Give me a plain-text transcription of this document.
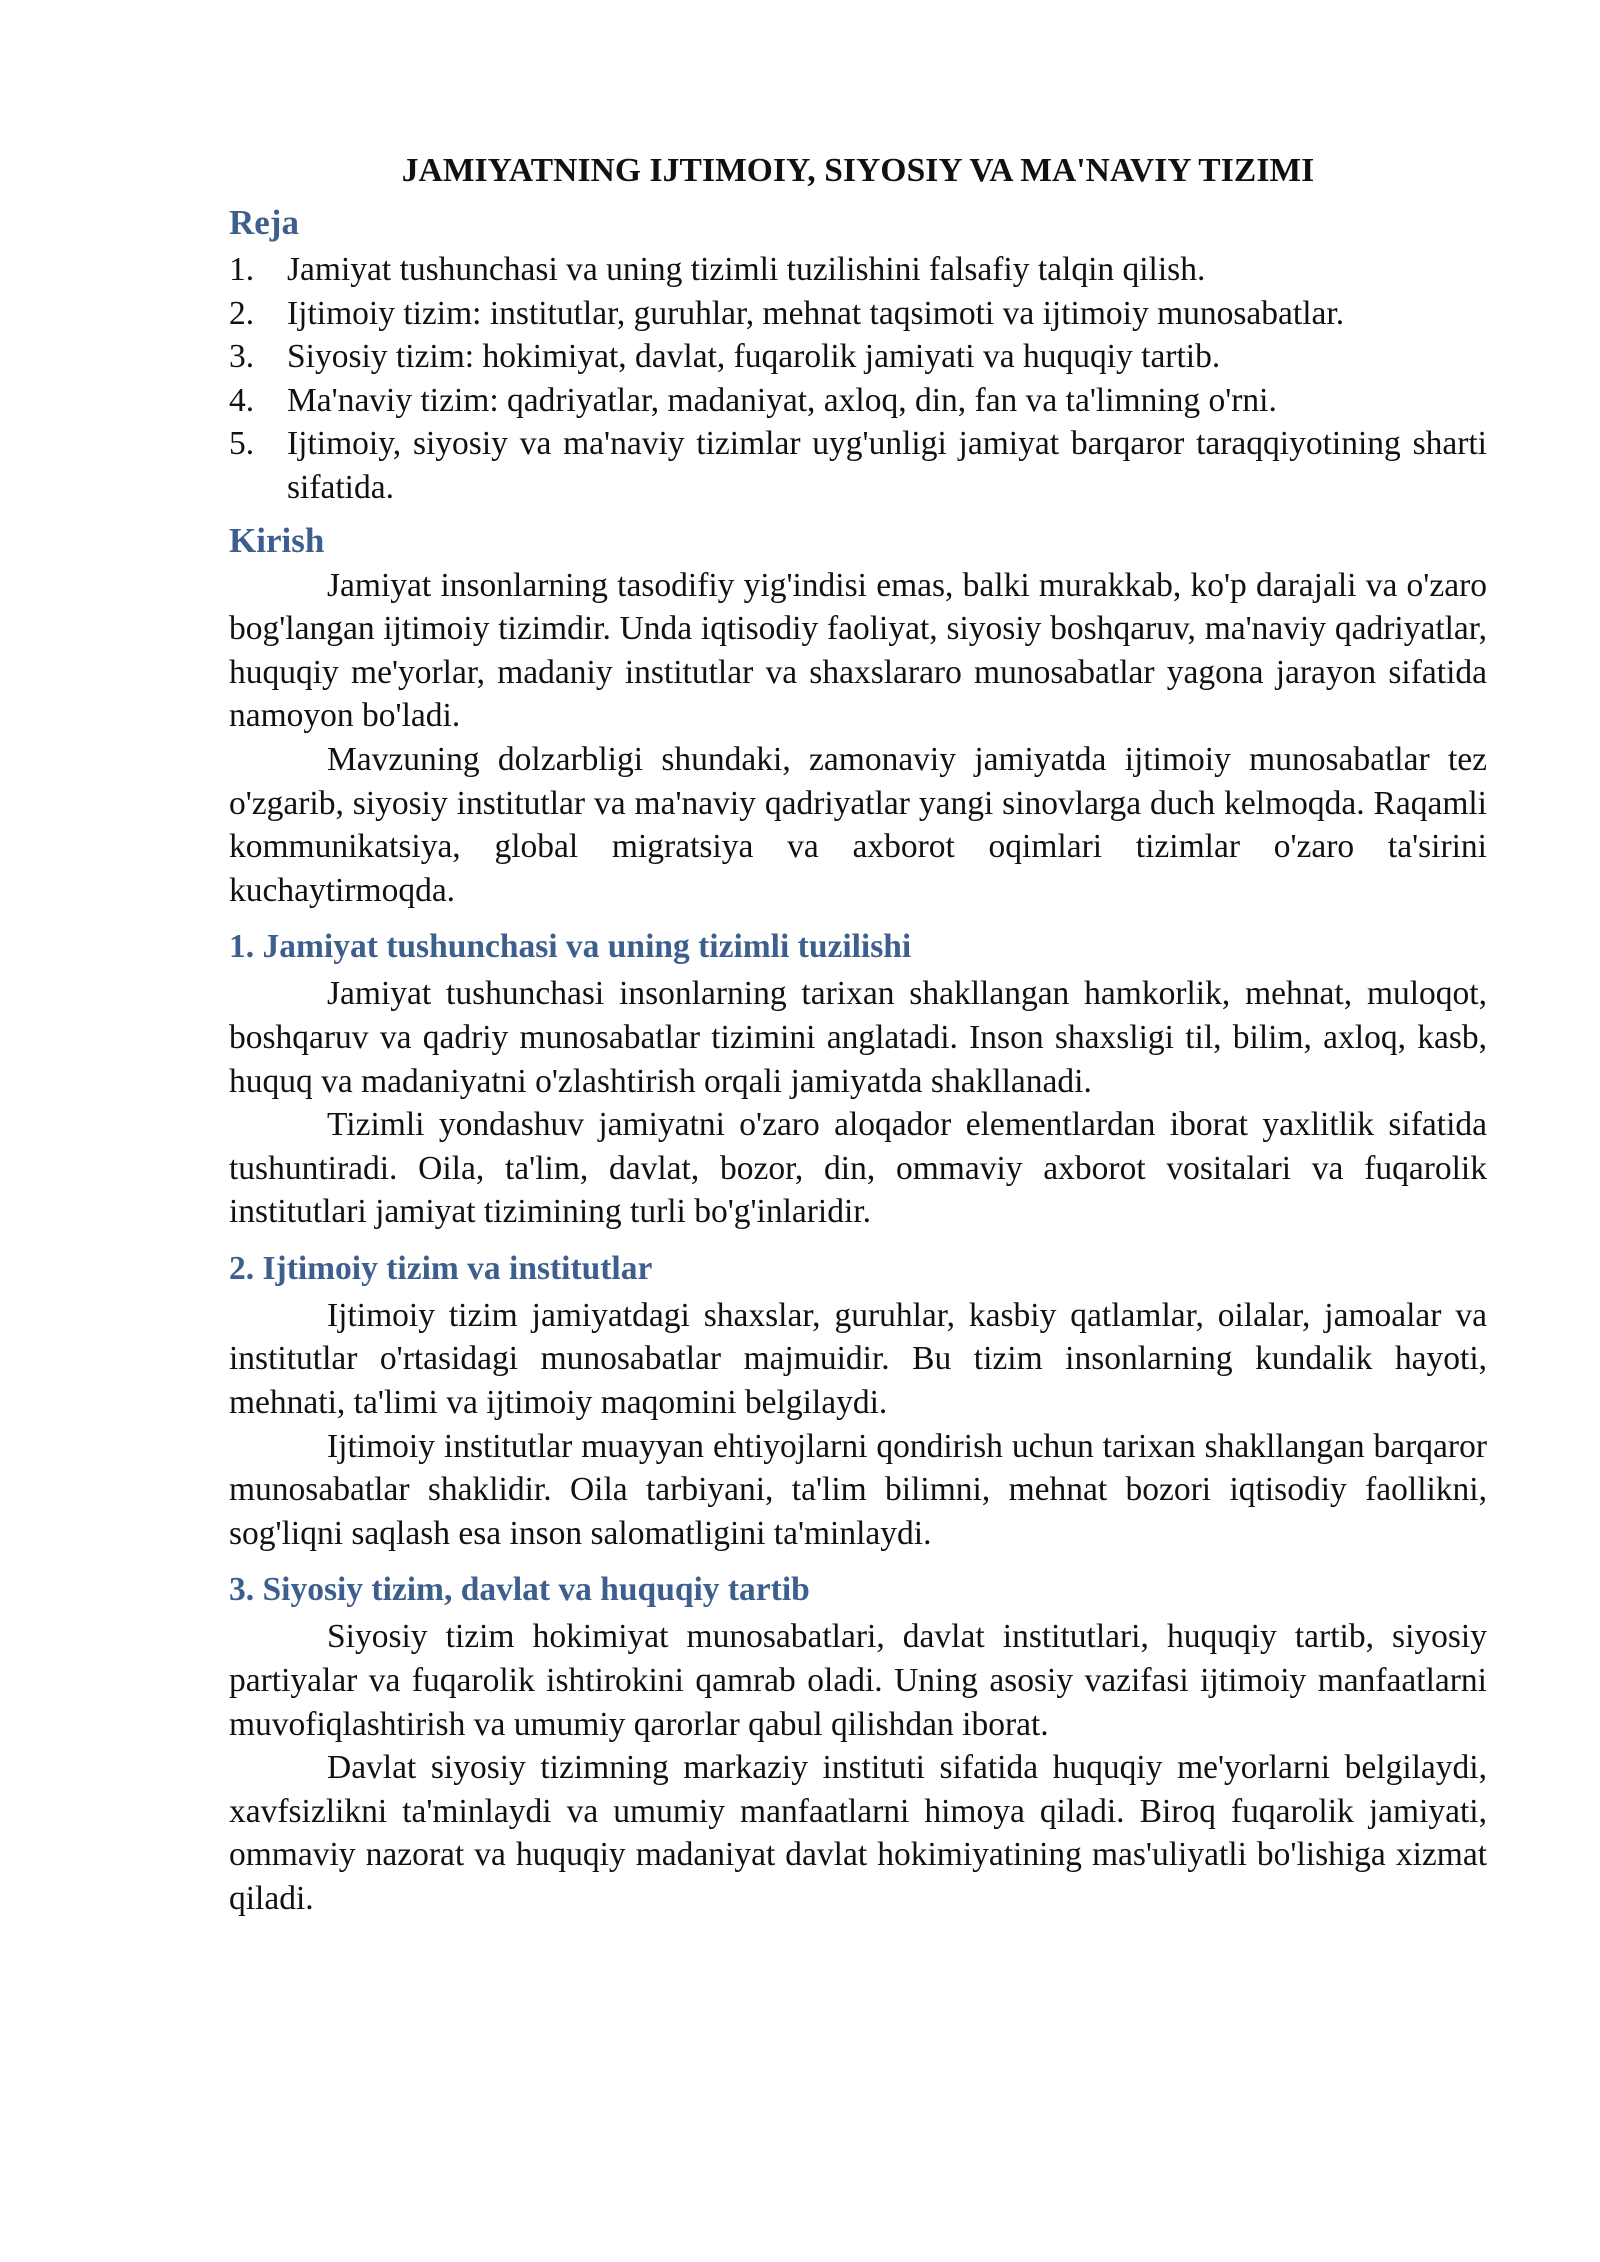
JAMIYATNING IJTIMOIY, SIYOSIY VA MA'NAVIY TIZIMI
Reja
1. Jamiyat tushunchasi va uning tizimli tuzilishini falsafiy talqin qilish.
2. Ijtimoiy tizim: institutlar, guruhlar, mehnat taqsimoti va ijtimoiy munosabatlar.
3. Siyosiy tizim: hokimiyat, davlat, fuqarolik jamiyati va huquqiy tartib.
4. Ma'naviy tizim: qadriyatlar, madaniyat, axloq, din, fan va ta'limning o'rni.
5. Ijtimoiy, siyosiy va ma'naviy tizimlar uyg'unligi jamiyat barqaror taraqqiyotining sharti sifatida.
Kirish

Jamiyat insonlarning tasodifiy yig'indisi emas, balki murakkab, ko'p darajali va o'zaro bog'langan ijtimoiy tizimdir. Unda iqtisodiy faoliyat, siyosiy boshqaruv, ma'naviy qadriyatlar, huquqiy me'yorlar, madaniy institutlar va shaxslararo munosabatlar yagona jarayon sifatida namoyon bo'ladi.

Mavzuning dolzarbligi shundaki, zamonaviy jamiyatda ijtimoiy munosabatlar tez o'zgarib, siyosiy institutlar va ma'naviy qadriyatlar yangi sinovlarga duch kelmoqda. Raqamli kommunikatsiya, global migratsiya va axborot oqimlari tizimlar o'zaro ta'sirini kuchaytirmoqda.

1. Jamiyat tushunchasi va uning tizimli tuzilishi

Jamiyat tushunchasi insonlarning tarixan shakllangan hamkorlik, mehnat, muloqot, boshqaruv va qadriy munosabatlar tizimini anglatadi. Inson shaxsligi til, bilim, axloq, kasb, huquq va madaniyatni o'zlashtirish orqali jamiyatda shakllanadi.

Tizimli yondashuv jamiyatni o'zaro aloqador elementlardan iborat yaxlitlik sifatida tushuntiradi. Oila, ta'lim, davlat, bozor, din, ommaviy axborot vositalari va fuqarolik institutlari jamiyat tizimining turli bo'g'inlaridir.

2. Ijtimoiy tizim va institutlar

Ijtimoiy tizim jamiyatdagi shaxslar, guruhlar, kasbiy qatlamlar, oilalar, jamoalar va institutlar o'rtasidagi munosabatlar majmuidir. Bu tizim insonlarning kundalik hayoti, mehnati, ta'limi va ijtimoiy maqomini belgilaydi.

Ijtimoiy institutlar muayyan ehtiyojlarni qondirish uchun tarixan shakllangan barqaror munosabatlar shaklidir. Oila tarbiyani, ta'lim bilimni, mehnat bozori iqtisodiy faollikni, sog'liqni saqlash esa inson salomatligini ta'minlaydi.

3. Siyosiy tizim, davlat va huquqiy tartib

Siyosiy tizim hokimiyat munosabatlari, davlat institutlari, huquqiy tartib, siyosiy partiyalar va fuqarolik ishtirokini qamrab oladi. Uning asosiy vazifasi ijtimoiy manfaatlarni muvofiqlashtirish va umumiy qarorlar qabul qilishdan iborat.

Davlat siyosiy tizimning markaziy instituti sifatida huquqiy me'yorlarni belgilaydi, xavfsizlikni ta'minlaydi va umumiy manfaatlarni himoya qiladi. Biroq fuqarolik jamiyati, ommaviy nazorat va huquqiy madaniyat davlat hokimiyatining mas'uliyatli bo'lishiga xizmat qiladi.
